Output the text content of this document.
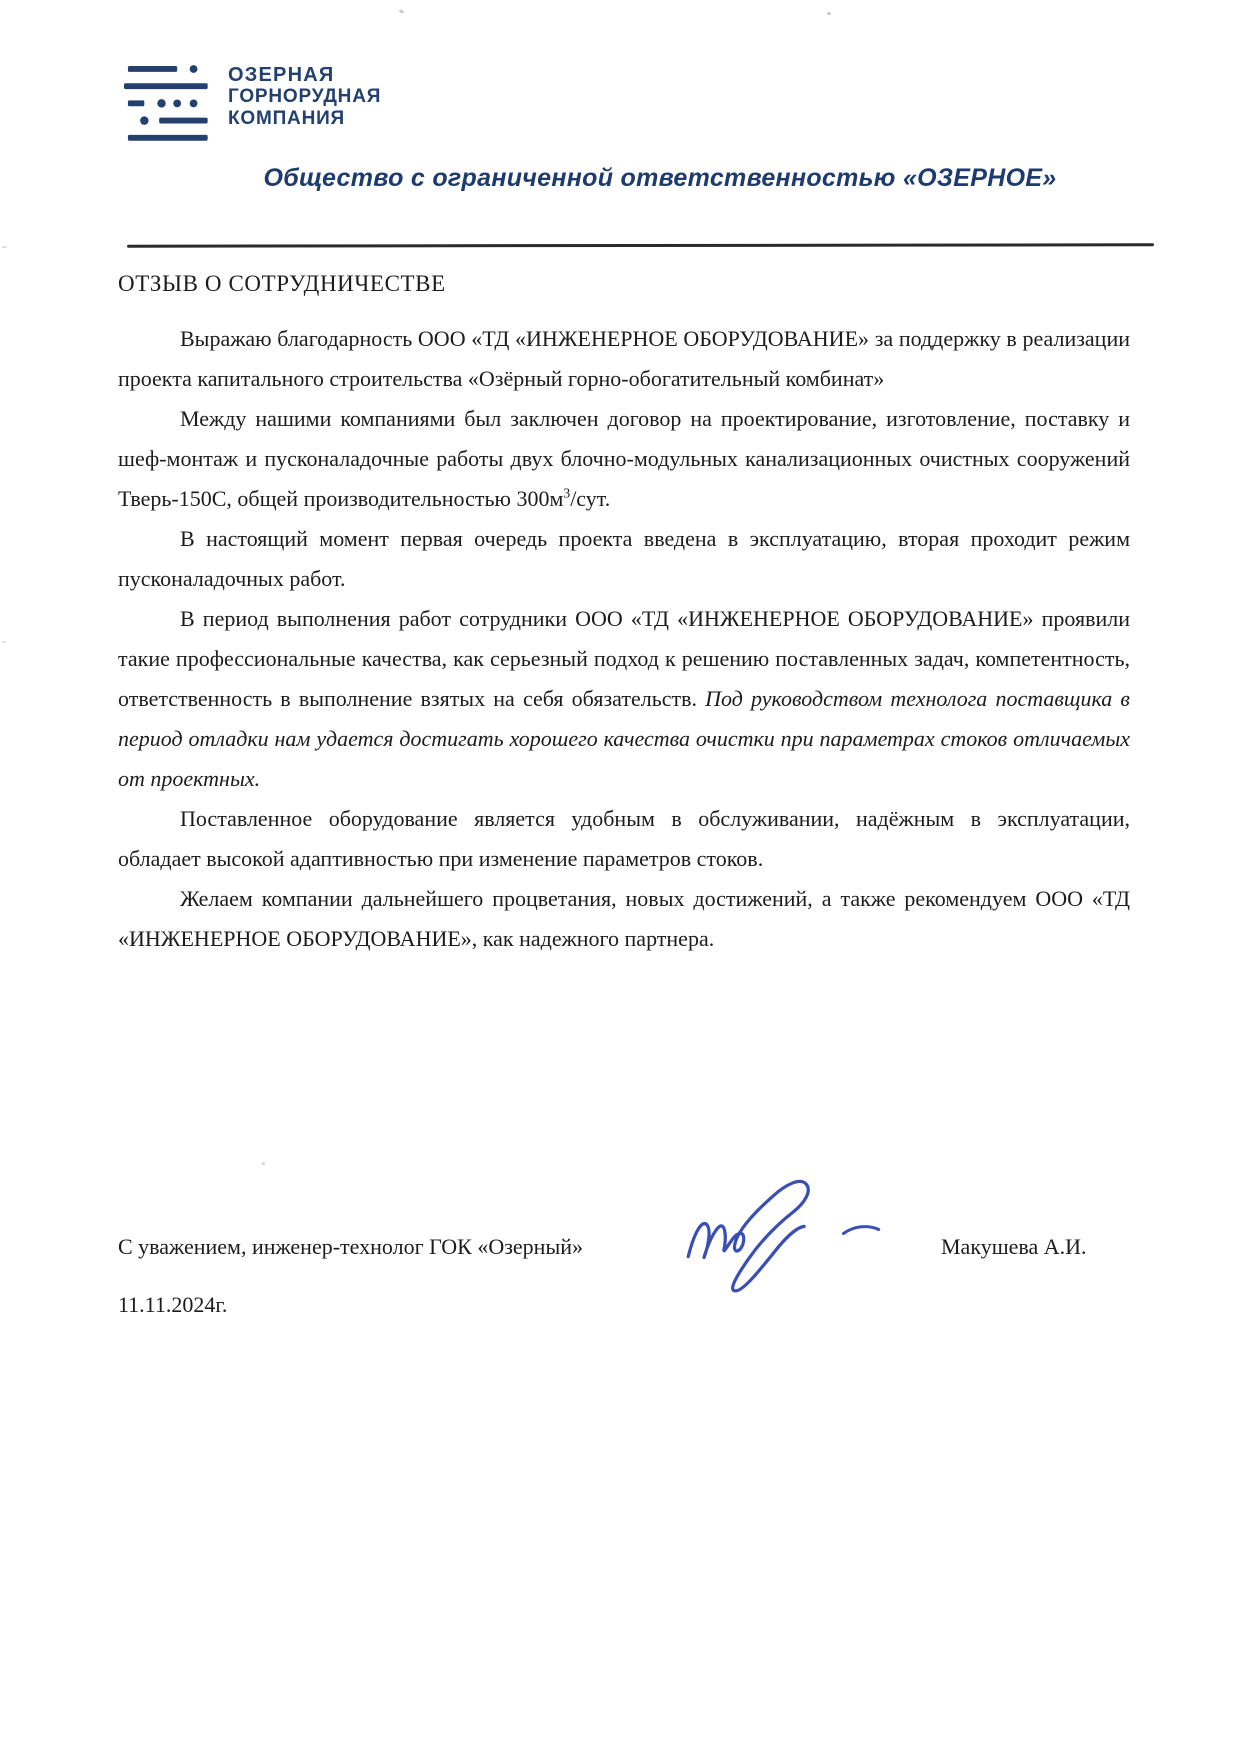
ОЗЕРНАЯ
ГОРНОРУДНАЯ
КОМПАНИЯ
Общество с ограниченной ответственностью «ОЗЕРНОЕ»
ОТЗЫВ О СОТРУДНИЧЕСТВЕ

Выражаю благодарность ООО «ТД «ИНЖЕНЕРНОЕ ОБОРУДОВАНИЕ» за поддержку в реализации проекта капитального строительства «Озёрный горно-обогатительный комбинат»

Между нашими компаниями был заключен договор на проектирование, изготовление, поставку и шеф-монтаж и пусконаладочные работы двух блочно-модульных канализационных очистных сооружений Тверь-150С, общей производительностью $300м^3$/сут.

В настоящий момент первая очередь проекта введена в эксплуатацию, вторая проходит режим пусконаладочных работ.

В период выполнения работ сотрудники ООО «ТД «ИНЖЕНЕРНОЕ ОБОРУДОВАНИЕ» проявили такие профессиональные качества, как серьезный подход к решению поставленных задач, компетентность, ответственность в выполнение взятых на себя обязательств. Под руководством технолога поставщика в период отладки нам удается достигать хорошего качества очистки при параметрах стоков отличаемых от проектных.

Поставленное оборудование является удобным в обслуживании, надёжным в эксплуатации, обладает высокой адаптивностью при изменение параметров стоков.

Желаем компании дальнейшего процветания, новых достижений, а также рекомендуем ООО «ТД «ИНЖЕНЕРНОЕ ОБОРУДОВАНИЕ», как надежного партнера.

С уважением, инженер-технолог ГОК «Озерный»	Макушева А.И.
11.11.2024г.
